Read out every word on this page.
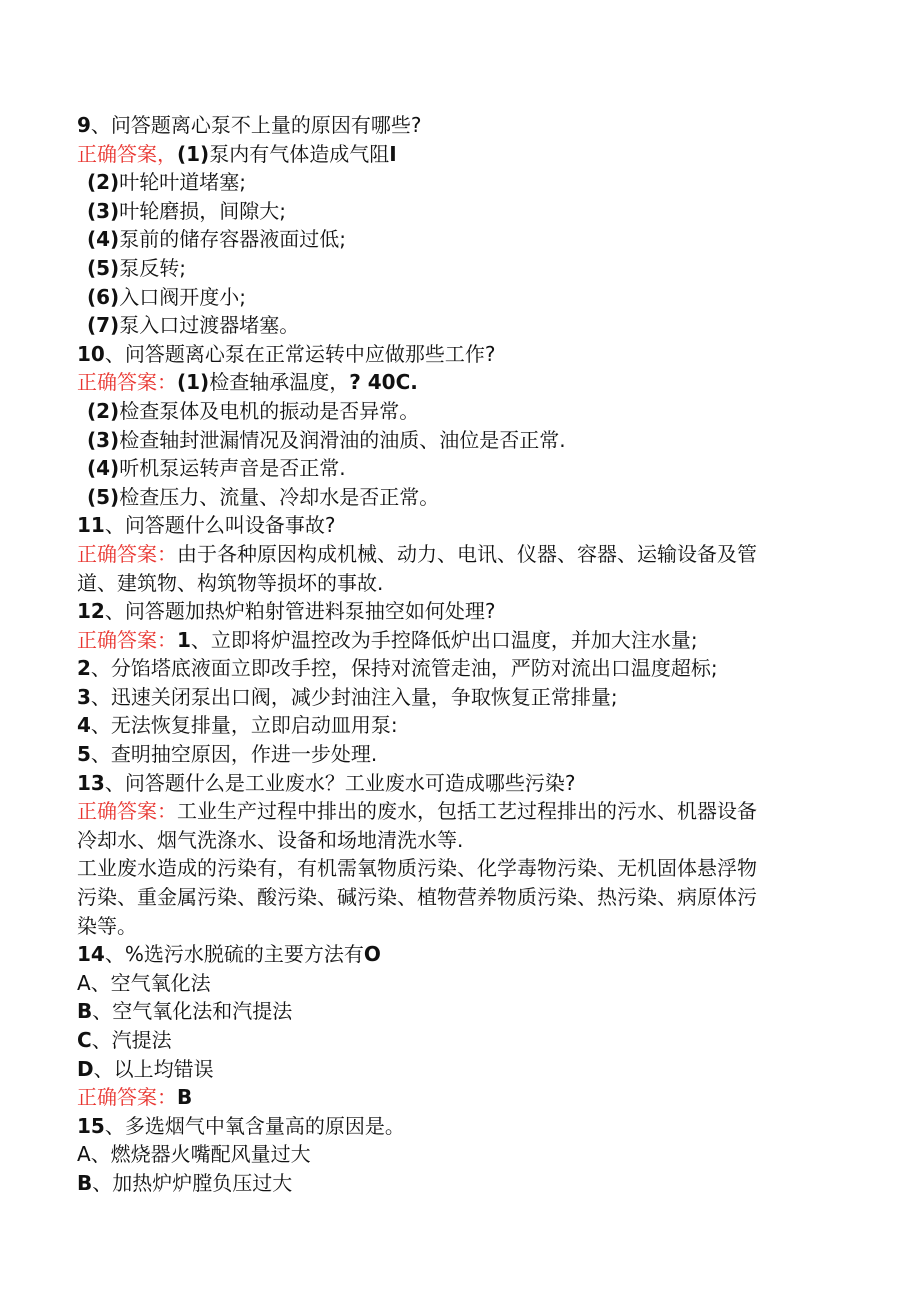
9、问答题离心泵不上量的原因有哪些?
正确答案，(1)泵内有气体造成气阻I
(2)叶轮叶道堵塞;
(3)叶轮磨损，间隙大;
(4)泵前的储存容器液面过低;
(5)泵反转;
(6)入口阀开度小;
(7)泵入口过渡器堵塞。
10、问答题离心泵在正常运转中应做那些工作?
正确答案：(1)检查轴承温度，? 40C.
(2)检查泵体及电机的振动是否异常。
(3)检查轴封泄漏情况及润滑油的油质、油位是否正常.
(4)听机泵运转声音是否正常.
(5)检查压力、流量、冷却水是否正常。
11、问答题什么叫设备事故?
正确答案：由于各种原因构成机械、动力、电讯、仪器、容器、运输设备及管
道、建筑物、构筑物等损坏的事故.
12、问答题加热炉粕射管进料泵抽空如何处理?
正确答案：1、立即将炉温控改为手控降低炉出口温度，并加大注水量;
2、分馅塔底液面立即改手控，保持对流管走油，严防对流出口温度超标;
3、迅速关闭泵出口阀，减少封油注入量，争取恢复正常排量;
4、无法恢复排量，立即启动皿用泵:
5、查明抽空原因，作进一步处理.
13、问答题什么是工业废水？工业废水可造成哪些污染?
正确答案：工业生产过程中排出的废水，包括工艺过程排出的污水、机器设备
冷却水、烟气洗涤水、设备和场地清洗水等.
工业废水造成的污染有，有机需氧物质污染、化学毒物污染、无机固体悬浮物
污染、重金属污染、酸污染、碱污染、植物营养物质污染、热污染、病原体污
染等。
14、%选污水脱硫的主要方法有O
A、空气氧化法
B、空气氧化法和汽提法
C、汽提法
D、以上均错误
正确答案：B
15、多选烟气中氧含量高的原因是。
A、燃烧器火嘴配风量过大
B、加热炉炉膛负压过大
